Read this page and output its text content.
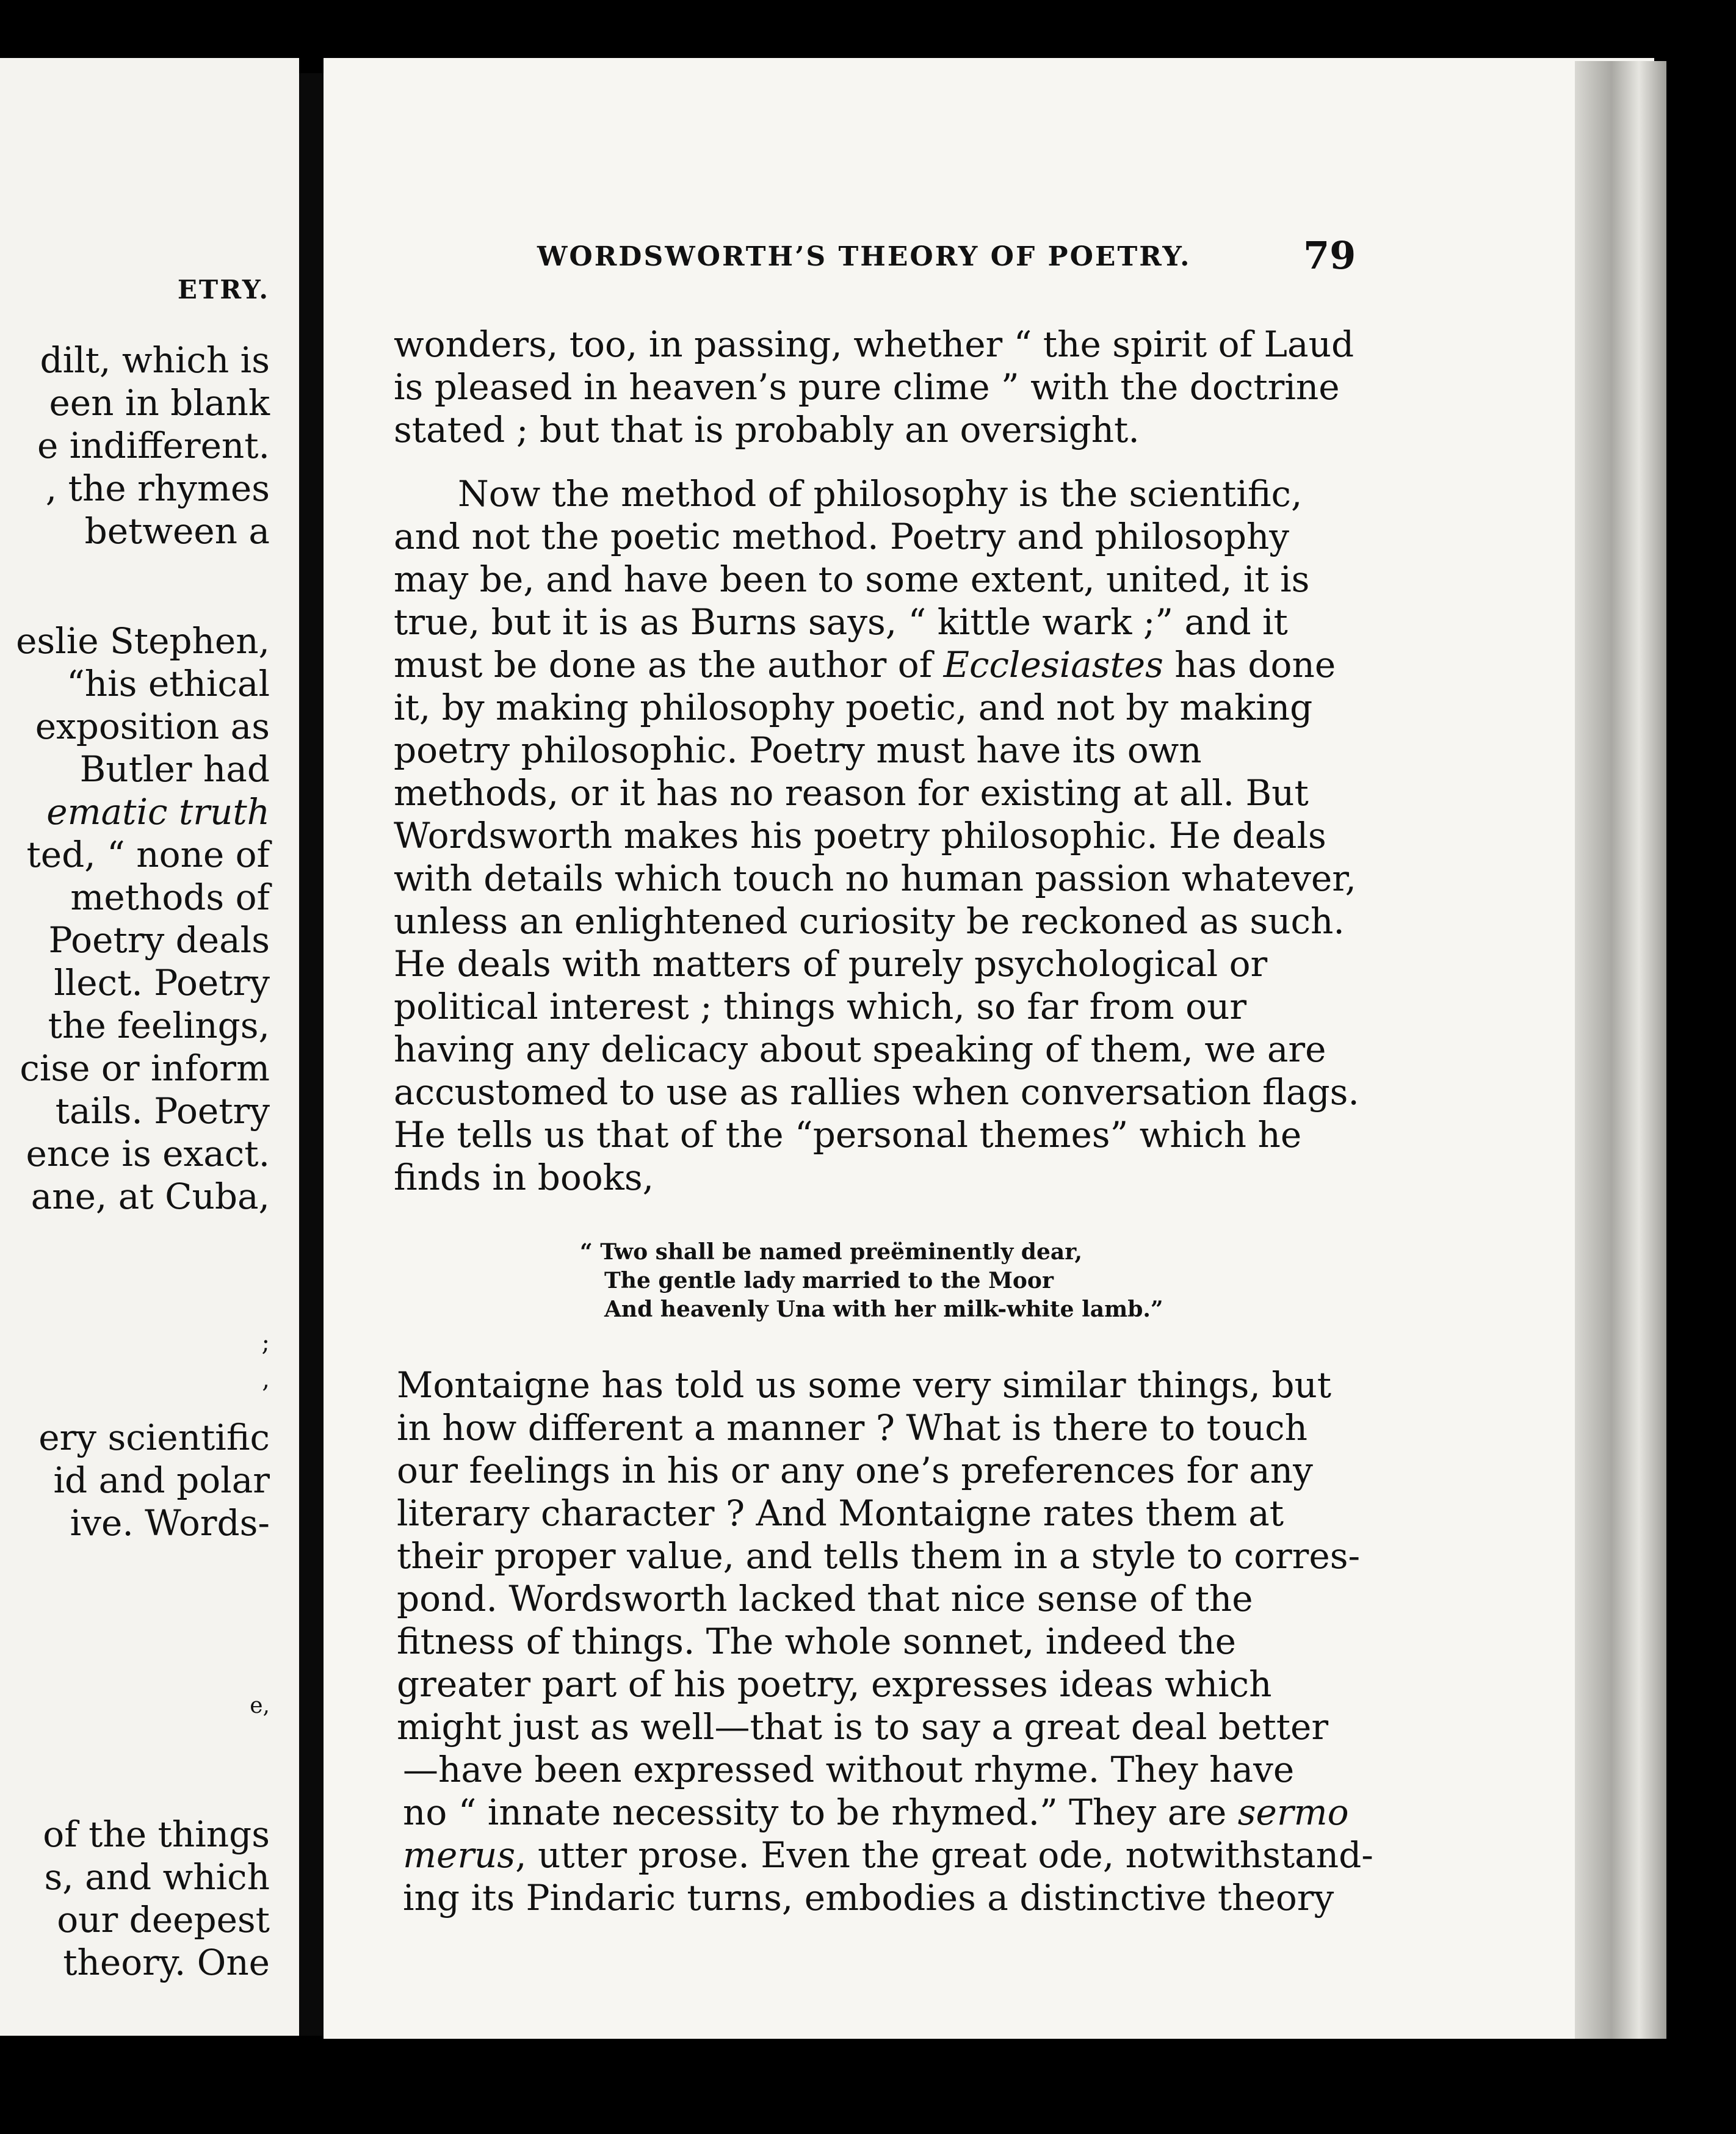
ETRY.
dilt, which is
een in blank
e indifferent.
, the rhymes
between a
eslie Stephen,
“his ethical
exposition as
Butler had
ematic truth
ted, “ none of
methods of
Poetry deals
llect. Poetry
the feelings,
cise or inform
tails. Poetry
ence is exact.
ane, at Cuba,
;
,
ery scientific
id and polar
ive. Words-
e,
of the things
s, and which
our deepest
theory. One
WORDSWORTH’S THEORY OF POETRY.	79
wonders, too, in passing, whether “ the spirit of Laud
is pleased in heaven’s pure clime ” with the doctrine
stated ; but that is probably an oversight.
Now the method of philosophy is the scientific,
and not the poetic method. Poetry and philosophy
may be, and have been to some extent, united, it is
true, but it is as Burns says, “ kittle wark ;” and it
must be done as the author of Ecclesiastes has done
it, by making philosophy poetic, and not by making
poetry philosophic. Poetry must have its own
methods, or it has no reason for existing at all. But
Wordsworth makes his poetry philosophic. He deals
with details which touch no human passion whatever,
unless an enlightened curiosity be reckoned as such.
He deals with matters of purely psychological or
political interest ; things which, so far from our
having any delicacy about speaking of them, we are
accustomed to use as rallies when conversation flags.
He tells us that of the “personal themes” which he
finds in books,
“ Two shall be named preëminently dear,
The gentle lady married to the Moor
And heavenly Una with her milk-white lamb.”
Montaigne has told us some very similar things, but
in how different a manner ? What is there to touch
our feelings in his or any one’s preferences for any
literary character ? And Montaigne rates them at
their proper value, and tells them in a style to corres-
pond. Wordsworth lacked that nice sense of the
fitness of things. The whole sonnet, indeed the
greater part of his poetry, expresses ideas which
might just as well—that is to say a great deal better
—have been expressed without rhyme. They have
no “ innate necessity to be rhymed.” They are sermo
merus, utter prose. Even the great ode, notwithstand-
ing its Pindaric turns, embodies a distinctive theory
